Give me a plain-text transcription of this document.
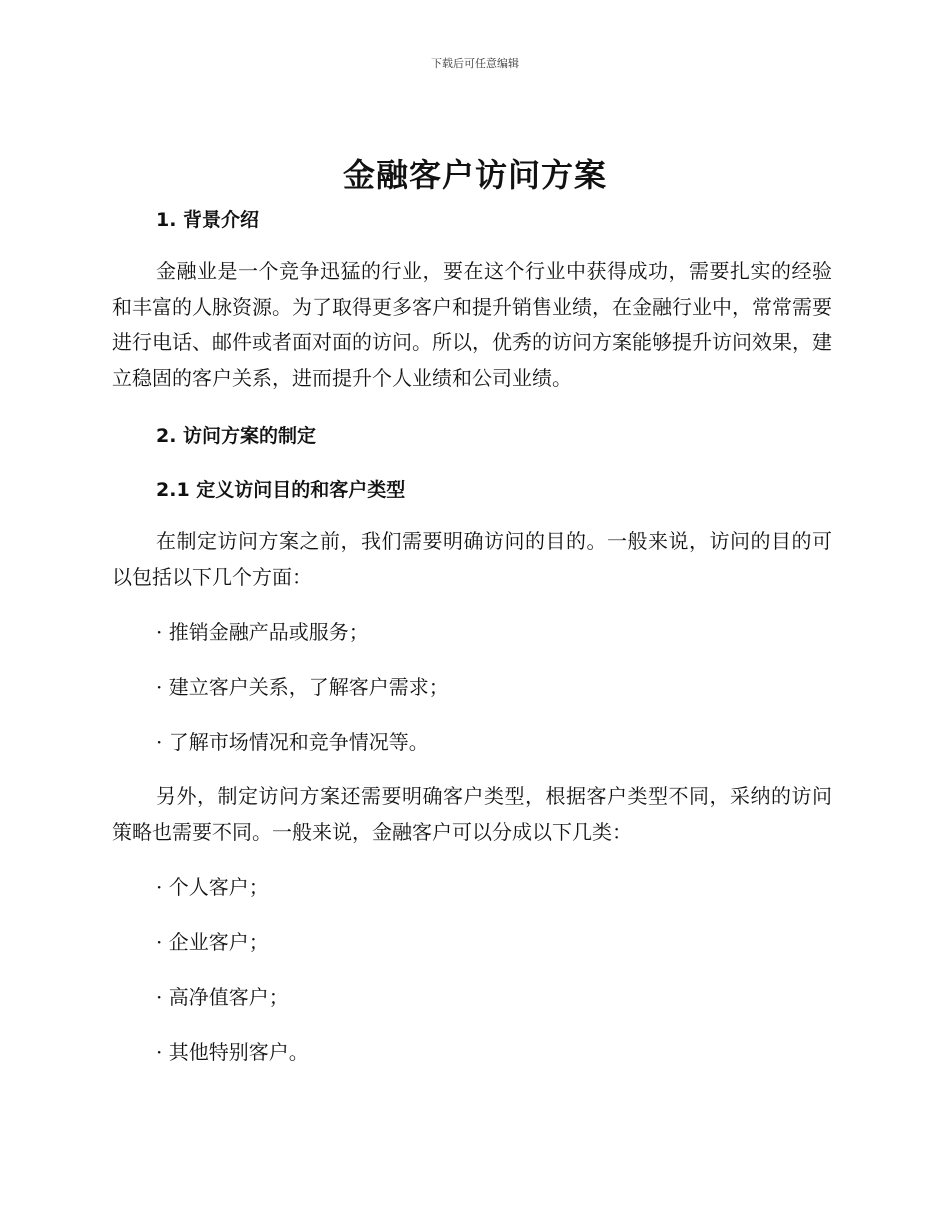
下载后可任意编辑
金融客户访问方案

1. 背景介绍

金融业是一个竞争迅猛的行业，要在这个行业中获得成功，需要扎实的经验和丰富的人脉资源。为了取得更多客户和提升销售业绩，在金融行业中，常常需要进行电话、邮件或者面对面的访问。所以，优秀的访问方案能够提升访问效果，建立稳固的客户关系，进而提升个人业绩和公司业绩。

2. 访问方案的制定

2.1 定义访问目的和客户类型

在制定访问方案之前，我们需要明确访问的目的。一般来说，访问的目的可以包括以下几个方面：

· 推销金融产品或服务；

· 建立客户关系，了解客户需求；

· 了解市场情况和竞争情况等。

另外，制定访问方案还需要明确客户类型，根据客户类型不同，采纳的访问策略也需要不同。一般来说，金融客户可以分成以下几类：

· 个人客户；

· 企业客户；

· 高净值客户；

· 其他特别客户。
